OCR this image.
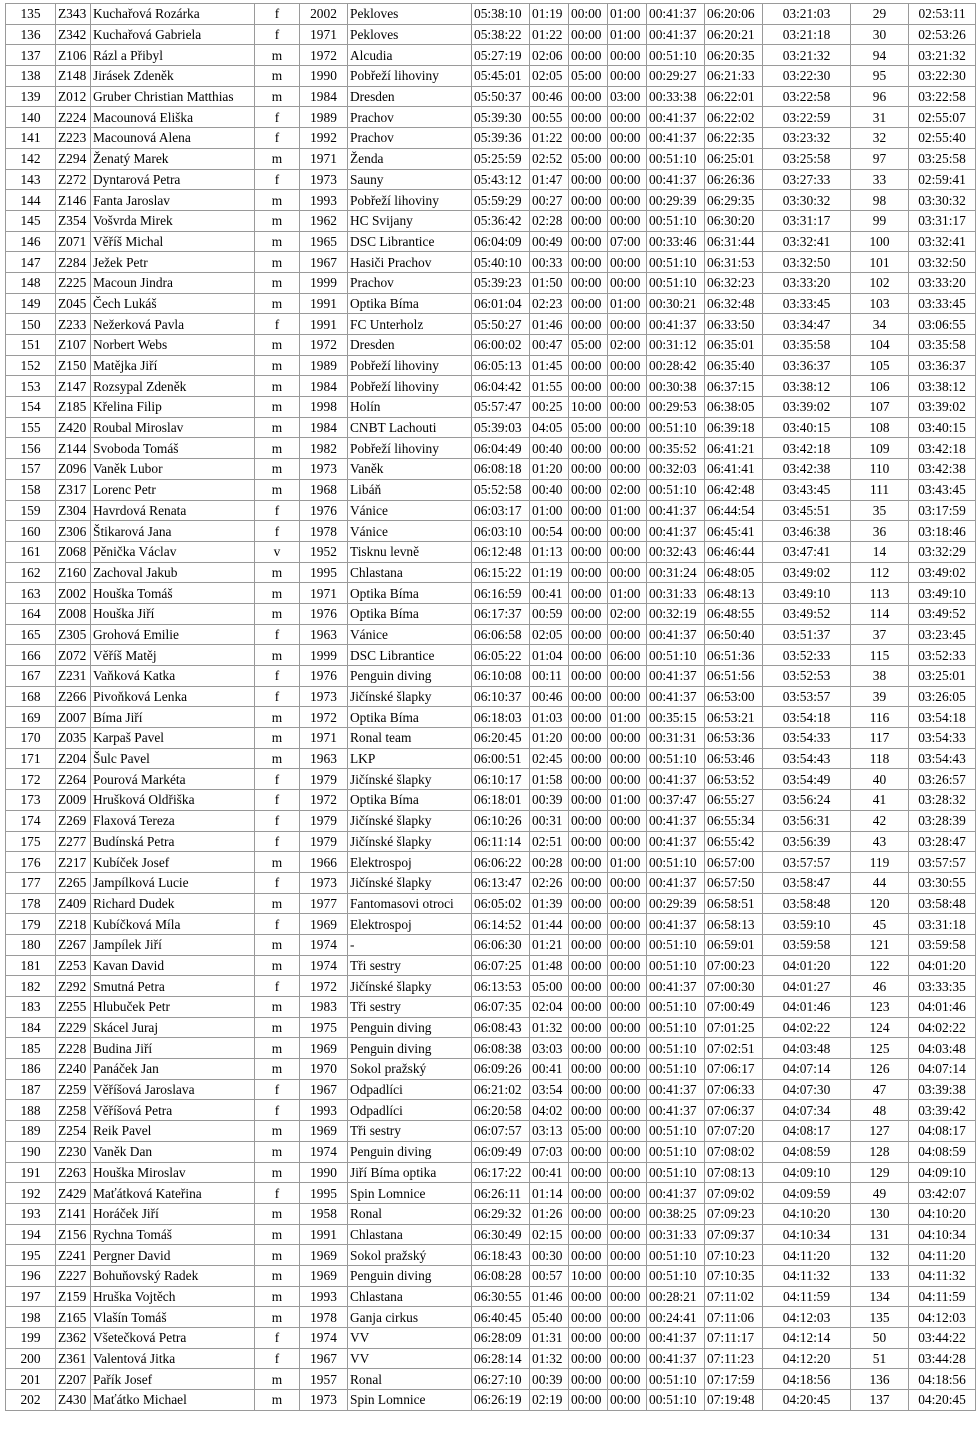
135	Z343	Kuchařová Rozárka	f	2002	Pekloves	05:38:10	01:19	00:00	01:00	00:41:37	06:20:06	03:21:03	29	02:53:11
136	Z342	Kuchařová Gabriela	f	1971	Pekloves	05:38:22	01:22	00:00	01:00	00:41:37	06:20:21	03:21:18	30	02:53:26
137	Z106	Rázl a Přibyl	m	1972	Alcudia	05:27:19	02:06	00:00	00:00	00:51:10	06:20:35	03:21:32	94	03:21:32
138	Z148	Jirásek Zdeněk	m	1990	Pobřeží lihoviny	05:45:01	02:05	05:00	00:00	00:29:27	06:21:33	03:22:30	95	03:22:30
139	Z012	Gruber Christian Matthias	m	1984	Dresden	05:50:37	00:46	00:00	03:00	00:33:38	06:22:01	03:22:58	96	03:22:58
140	Z224	Macounová Eliška	f	1989	Prachov	05:39:30	00:55	00:00	00:00	00:41:37	06:22:02	03:22:59	31	02:55:07
141	Z223	Macounová Alena	f	1992	Prachov	05:39:36	01:22	00:00	00:00	00:41:37	06:22:35	03:23:32	32	02:55:40
142	Z294	Ženatý Marek	m	1971	Ženda	05:25:59	02:52	05:00	00:00	00:51:10	06:25:01	03:25:58	97	03:25:58
143	Z272	Dyntarová Petra	f	1973	Sauny	05:43:12	01:47	00:00	00:00	00:41:37	06:26:36	03:27:33	33	02:59:41
144	Z146	Fanta Jaroslav	m	1993	Pobřeží lihoviny	05:59:29	00:27	00:00	00:00	00:29:39	06:29:35	03:30:32	98	03:30:32
145	Z354	Vošvrda Mirek	m	1962	HC Svijany	05:36:42	02:28	00:00	00:00	00:51:10	06:30:20	03:31:17	99	03:31:17
146	Z071	Věříš Michal	m	1965	DSC Librantice	06:04:09	00:49	00:00	07:00	00:33:46	06:31:44	03:32:41	100	03:32:41
147	Z284	Ježek Petr	m	1967	Hasiči Prachov	05:40:10	00:33	00:00	00:00	00:51:10	06:31:53	03:32:50	101	03:32:50
148	Z225	Macoun Jindra	m	1999	Prachov	05:39:23	01:50	00:00	00:00	00:51:10	06:32:23	03:33:20	102	03:33:20
149	Z045	Čech Lukáš	m	1991	Optika Bíma	06:01:04	02:23	00:00	01:00	00:30:21	06:32:48	03:33:45	103	03:33:45
150	Z233	Nežerková Pavla	f	1991	FC Unterholz	05:50:27	01:46	00:00	00:00	00:41:37	06:33:50	03:34:47	34	03:06:55
151	Z107	Norbert Webs	m	1972	Dresden	06:00:02	00:47	05:00	02:00	00:31:12	06:35:01	03:35:58	104	03:35:58
152	Z150	Matějka Jiří	m	1989	Pobřeží lihoviny	06:05:13	01:45	00:00	00:00	00:28:42	06:35:40	03:36:37	105	03:36:37
153	Z147	Rozsypal Zdeněk	m	1984	Pobřeží lihoviny	06:04:42	01:55	00:00	00:00	00:30:38	06:37:15	03:38:12	106	03:38:12
154	Z185	Křelina Filip	m	1998	Holín	05:57:47	00:25	10:00	00:00	00:29:53	06:38:05	03:39:02	107	03:39:02
155	Z420	Roubal Miroslav	m	1984	CNBT Lachouti	05:39:03	04:05	05:00	00:00	00:51:10	06:39:18	03:40:15	108	03:40:15
156	Z144	Svoboda Tomáš	m	1982	Pobřeží lihoviny	06:04:49	00:40	00:00	00:00	00:35:52	06:41:21	03:42:18	109	03:42:18
157	Z096	Vaněk Lubor	m	1973	Vaněk	06:08:18	01:20	00:00	00:00	00:32:03	06:41:41	03:42:38	110	03:42:38
158	Z317	Lorenc Petr	m	1968	Libáň	05:52:58	00:40	00:00	02:00	00:51:10	06:42:48	03:43:45	111	03:43:45
159	Z304	Havrdová Renata	f	1976	Vánice	06:03:17	01:00	00:00	01:00	00:41:37	06:44:54	03:45:51	35	03:17:59
160	Z306	Štikarová Jana	f	1978	Vánice	06:03:10	00:54	00:00	00:00	00:41:37	06:45:41	03:46:38	36	03:18:46
161	Z068	Pěnička Václav	v	1952	Tisknu levně	06:12:48	01:13	00:00	00:00	00:32:43	06:46:44	03:47:41	14	03:32:29
162	Z160	Zachoval Jakub	m	1995	Chlastana	06:15:22	01:19	00:00	00:00	00:31:24	06:48:05	03:49:02	112	03:49:02
163	Z002	Houška Tomáš	m	1971	Optika Bíma	06:16:59	00:41	00:00	01:00	00:31:33	06:48:13	03:49:10	113	03:49:10
164	Z008	Houška Jiří	m	1976	Optika Bíma	06:17:37	00:59	00:00	02:00	00:32:19	06:48:55	03:49:52	114	03:49:52
165	Z305	Grohová Emilie	f	1963	Vánice	06:06:58	02:05	00:00	00:00	00:41:37	06:50:40	03:51:37	37	03:23:45
166	Z072	Věříš Matěj	m	1999	DSC Librantice	06:05:22	01:04	00:00	06:00	00:51:10	06:51:36	03:52:33	115	03:52:33
167	Z231	Vaňková Katka	f	1976	Penguin diving	06:10:08	00:11	00:00	00:00	00:41:37	06:51:56	03:52:53	38	03:25:01
168	Z266	Pivoňková Lenka	f	1973	Jičínské šlapky	06:10:37	00:46	00:00	00:00	00:41:37	06:53:00	03:53:57	39	03:26:05
169	Z007	Bíma Jiří	m	1972	Optika Bíma	06:18:03	01:03	00:00	01:00	00:35:15	06:53:21	03:54:18	116	03:54:18
170	Z035	Karpaš Pavel	m	1971	Ronal team	06:20:45	01:20	00:00	00:00	00:31:31	06:53:36	03:54:33	117	03:54:33
171	Z204	Šulc Pavel	m	1963	LKP	06:00:51	02:45	00:00	00:00	00:51:10	06:53:46	03:54:43	118	03:54:43
172	Z264	Pourová Markéta	f	1979	Jičínské šlapky	06:10:17	01:58	00:00	00:00	00:41:37	06:53:52	03:54:49	40	03:26:57
173	Z009	Hrušková Oldřiška	f	1972	Optika Bíma	06:18:01	00:39	00:00	01:00	00:37:47	06:55:27	03:56:24	41	03:28:32
174	Z269	Flaxová Tereza	f	1979	Jičínské šlapky	06:10:26	00:31	00:00	00:00	00:41:37	06:55:34	03:56:31	42	03:28:39
175	Z277	Budínská Petra	f	1979	Jičínské šlapky	06:11:14	02:51	00:00	00:00	00:41:37	06:55:42	03:56:39	43	03:28:47
176	Z217	Kubíček Josef	m	1966	Elektrospoj	06:06:22	00:28	00:00	01:00	00:51:10	06:57:00	03:57:57	119	03:57:57
177	Z265	Jampílková Lucie	f	1973	Jičínské šlapky	06:13:47	02:26	00:00	00:00	00:41:37	06:57:50	03:58:47	44	03:30:55
178	Z409	Richard Dudek	m	1977	Fantomasovi otroci	06:05:02	01:39	00:00	00:00	00:29:39	06:58:51	03:58:48	120	03:58:48
179	Z218	Kubíčková Míla	f	1969	Elektrospoj	06:14:52	01:44	00:00	00:00	00:41:37	06:58:13	03:59:10	45	03:31:18
180	Z267	Jampílek Jiří	m	1974	-	06:06:30	01:21	00:00	00:00	00:51:10	06:59:01	03:59:58	121	03:59:58
181	Z253	Kavan David	m	1974	Tři sestry	06:07:25	01:48	00:00	00:00	00:51:10	07:00:23	04:01:20	122	04:01:20
182	Z292	Smutná Petra	f	1972	Jičínské šlapky	06:13:53	05:00	00:00	00:00	00:41:37	07:00:30	04:01:27	46	03:33:35
183	Z255	Hlubuček Petr	m	1983	Tři sestry	06:07:35	02:04	00:00	00:00	00:51:10	07:00:49	04:01:46	123	04:01:46
184	Z229	Skácel Juraj	m	1975	Penguin diving	06:08:43	01:32	00:00	00:00	00:51:10	07:01:25	04:02:22	124	04:02:22
185	Z228	Budina Jiří	m	1969	Penguin diving	06:08:38	03:03	00:00	00:00	00:51:10	07:02:51	04:03:48	125	04:03:48
186	Z240	Panáček Jan	m	1970	Sokol pražský	06:09:26	00:41	00:00	00:00	00:51:10	07:06:17	04:07:14	126	04:07:14
187	Z259	Věříšová Jaroslava	f	1967	Odpadlíci	06:21:02	03:54	00:00	00:00	00:41:37	07:06:33	04:07:30	47	03:39:38
188	Z258	Věříšová Petra	f	1993	Odpadlíci	06:20:58	04:02	00:00	00:00	00:41:37	07:06:37	04:07:34	48	03:39:42
189	Z254	Reik Pavel	m	1969	Tři sestry	06:07:57	03:13	05:00	00:00	00:51:10	07:07:20	04:08:17	127	04:08:17
190	Z230	Vaněk Dan	m	1974	Penguin diving	06:09:49	07:03	00:00	00:00	00:51:10	07:08:02	04:08:59	128	04:08:59
191	Z263	Houška Miroslav	m	1990	Jiří Bíma optika	06:17:22	00:41	00:00	00:00	00:51:10	07:08:13	04:09:10	129	04:09:10
192	Z429	Maťátková Kateřina	f	1995	Spin Lomnice	06:26:11	01:14	00:00	00:00	00:41:37	07:09:02	04:09:59	49	03:42:07
193	Z141	Horáček Jiří	m	1958	Ronal	06:29:32	01:26	00:00	00:00	00:38:25	07:09:23	04:10:20	130	04:10:20
194	Z156	Rychna Tomáš	m	1991	Chlastana	06:30:49	02:15	00:00	00:00	00:31:33	07:09:37	04:10:34	131	04:10:34
195	Z241	Pergner David	m	1969	Sokol pražský	06:18:43	00:30	00:00	00:00	00:51:10	07:10:23	04:11:20	132	04:11:20
196	Z227	Bohuňovský Radek	m	1969	Penguin diving	06:08:28	00:57	10:00	00:00	00:51:10	07:10:35	04:11:32	133	04:11:32
197	Z159	Hruška Vojtěch	m	1993	Chlastana	06:30:55	01:46	00:00	00:00	00:28:21	07:11:02	04:11:59	134	04:11:59
198	Z165	Vlašín Tomáš	m	1978	Ganja cirkus	06:40:45	05:40	00:00	00:00	00:24:41	07:11:06	04:12:03	135	04:12:03
199	Z362	Všetečková Petra	f	1974	VV	06:28:09	01:31	00:00	00:00	00:41:37	07:11:17	04:12:14	50	03:44:22
200	Z361	Valentová Jitka	f	1967	VV	06:28:14	01:32	00:00	00:00	00:41:37	07:11:23	04:12:20	51	03:44:28
201	Z207	Pařík Josef	m	1957	Ronal	06:27:10	00:39	00:00	00:00	00:51:10	07:17:59	04:18:56	136	04:18:56
202	Z430	Maťátko Michael	m	1973	Spin Lomnice	06:26:19	02:19	00:00	00:00	00:51:10	07:19:48	04:20:45	137	04:20:45
